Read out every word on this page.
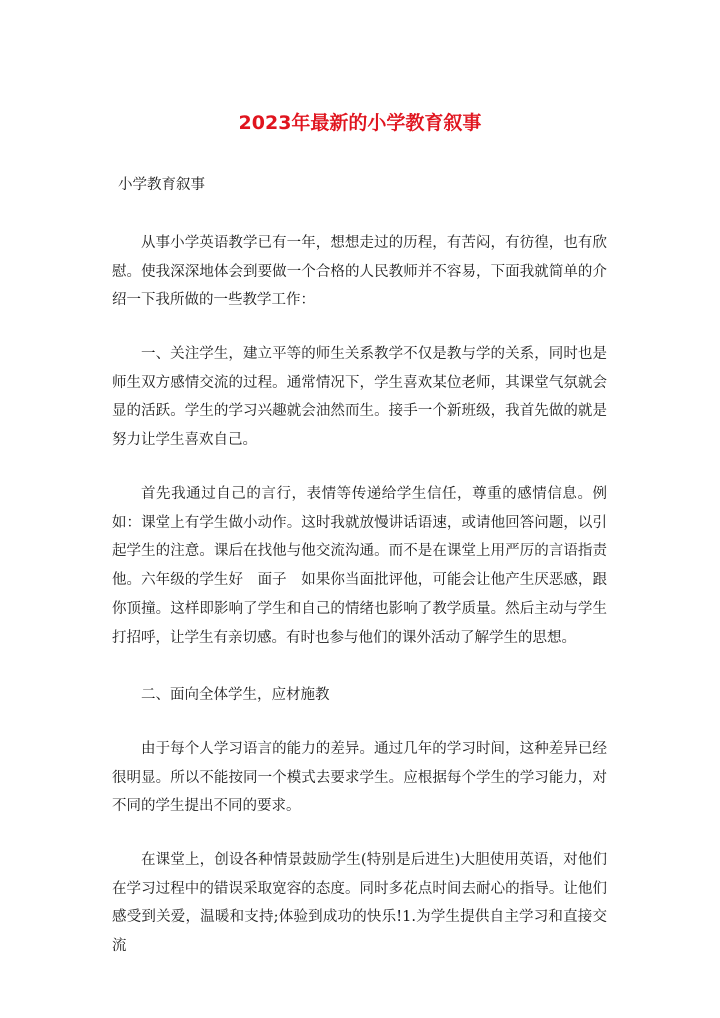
2023年最新的小学教育叙事

小学教育叙事

从事小学英语教学已有一年，想想走过的历程，有苦闷，有彷徨，也有欣慰。使我深深地体会到要做一个合格的人民教师并不容易，下面我就简单的介绍一下我所做的一些教学工作：

一、关注学生，建立平等的师生关系教学不仅是教与学的关系，同时也是师生双方感情交流的过程。通常情况下，学生喜欢某位老师，其课堂气氛就会显的活跃。学生的学习兴趣就会油然而生。接手一个新班级，我首先做的就是努力让学生喜欢自己。

首先我通过自己的言行，表情等传递给学生信任，尊重的感情信息。例如：课堂上有学生做小动作。这时我就放慢讲话语速，或请他回答问题，以引起学生的注意。课后在找他与他交流沟通。而不是在课堂上用严厉的言语指责他。六年级的学生好　面子　如果你当面批评他，可能会让他产生厌恶感，跟你顶撞。这样即影响了学生和自己的情绪也影响了教学质量。然后主动与学生打招呼，让学生有亲切感。有时也参与他们的课外活动了解学生的思想。

二、面向全体学生，应材施教

由于每个人学习语言的能力的差异。通过几年的学习时间，这种差异已经很明显。所以不能按同一个模式去要求学生。应根据每个学生的学习能力，对不同的学生提出不同的要求。

在课堂上，创设各种情景鼓励学生(特别是后进生)大胆使用英语，对他们在学习过程中的错误采取宽容的态度。同时多花点时间去耐心的指导。让他们感受到关爱，温暖和支持;体验到成功的快乐!1.为学生提供自主学习和直接交流
